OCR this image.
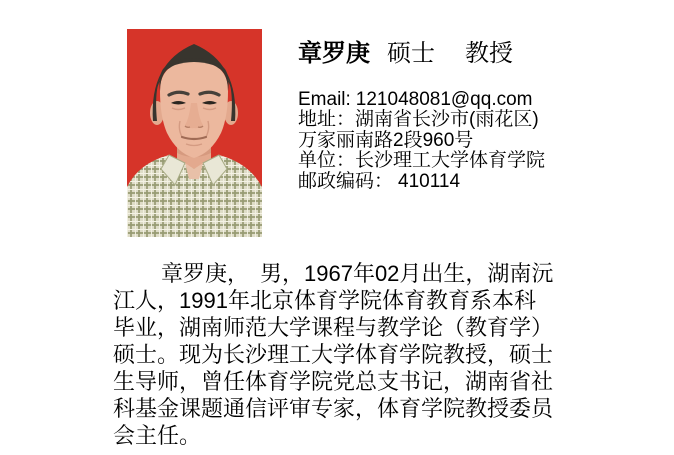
章罗庚 硕士 教授
Email: 121048081@qq.com
地址：湖南省长沙市(雨花区)
万家丽南路2段960号
单位：长沙理工大学体育学院
邮政编码： 410114
章罗庚，　男，1967年02月出生，湖南沅
江人，1991年北京体育学院体育教育系本科
毕业，湖南师范大学课程与教学论（教育学）
硕士。现为长沙理工大学体育学院教授，硕士
生导师，曾任体育学院党总支书记，湖南省社
科基金课题通信评审专家，体育学院教授委员
会主任。
